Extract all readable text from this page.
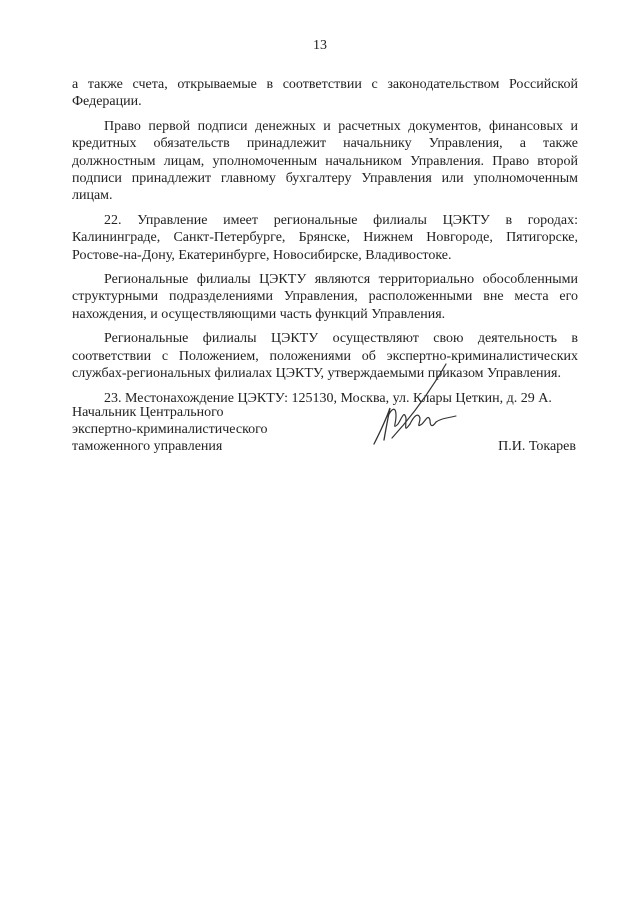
13

а также счета, открываемые в соответствии с законодательством Российской Федерации.

Право первой подписи денежных и расчетных документов, финансовых и кредитных обязательств принадлежит начальнику Управления, а также должностным лицам, уполномоченным начальником Управления. Право второй подписи принадлежит главному бухгалтеру Управления или уполномоченным лицам.

22. Управление имеет региональные филиалы ЦЭКТУ в городах: Калининграде, Санкт-Петербурге, Брянске, Нижнем Новгороде, Пятигорске, Ростове-на-Дону, Екатеринбурге, Новосибирске, Владивостоке.

Региональные филиалы ЦЭКТУ являются территориально обособленными структурными подразделениями Управления, расположенными вне места его нахождения, и осуществляющими часть функций Управления.

Региональные филиалы ЦЭКТУ осуществляют свою деятельность в соответствии с Положением, положениями об экспертно-криминалистических службах-региональных филиалах ЦЭКТУ, утверждаемыми приказом Управления.

23. Местонахождение ЦЭКТУ: 125130, Москва, ул. Клары Цеткин, д. 29 А.

Начальник Центрального
экспертно-криминалистического
таможенного управления	П.И. Токарев
